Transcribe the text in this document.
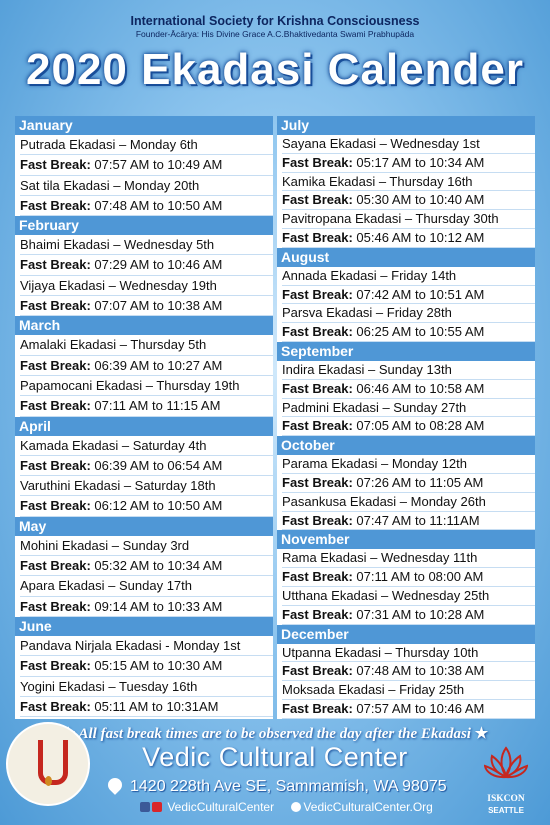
International Society for Krishna Consciousness
Founder-Ācārya: His Divine Grace A.C.Bhaktivedanta Swami Prabhupāda
2020 Ekadasi Calender
January
Putrada Ekadasi – Monday 6th
Fast Break: 07:57 AM to 10:49 AM
Sat tila Ekadasi – Monday 20th
Fast Break: 07:48 AM to 10:50 AM
February
Bhaimi Ekadasi – Wednesday 5th
Fast Break: 07:29 AM to 10:46 AM
Vijaya Ekadasi – Wednesday 19th
Fast Break: 07:07 AM to 10:38 AM
March
Amalaki Ekadasi – Thursday 5th
Fast Break: 06:39 AM to 10:27 AM
Papamocani Ekadasi – Thursday 19th
Fast Break: 07:11 AM to 11:15 AM
April
Kamada Ekadasi – Saturday 4th
Fast Break: 06:39 AM to 06:54 AM
Varuthini Ekadasi – Saturday 18th
Fast Break: 06:12 AM to 10:50 AM
May
Mohini Ekadasi – Sunday 3rd
Fast Break: 05:32 AM to 10:34 AM
Apara Ekadasi – Sunday 17th
Fast Break: 09:14 AM to 10:33 AM
June
Pandava Nirjala Ekadasi - Monday 1st
Fast Break: 05:15 AM to 10:30 AM
Yogini Ekadasi – Tuesday 16th
Fast Break: 05:11 AM to 10:31AM
July
Sayana Ekadasi – Wednesday 1st
Fast Break: 05:17 AM to 10:34 AM
Kamika Ekadasi – Thursday 16th
Fast Break: 05:30 AM to 10:40 AM
Pavitropana Ekadasi – Thursday 30th
Fast Break: 05:46 AM to 10:12 AM
August
Annada Ekadasi – Friday 14th
Fast Break: 07:42 AM to 10:51 AM
Parsva Ekadasi – Friday 28th
Fast Break: 06:25 AM to 10:55 AM
September
Indira Ekadasi – Sunday 13th
Fast Break: 06:46 AM to 10:58 AM
Padmini Ekadasi – Sunday 27th
Fast Break: 07:05 AM to 08:28 AM
October
Parama Ekadasi – Monday 12th
Fast Break: 07:26 AM to 11:05 AM
Pasankusa Ekadasi – Monday 26th
Fast Break: 07:47 AM to 11:11AM
November
Rama Ekadasi – Wednesday 11th
Fast Break: 07:11 AM to 08:00 AM
Utthana Ekadasi – Wednesday 25th
Fast Break: 07:31 AM to 10:28 AM
December
Utpanna Ekadasi – Thursday 10th
Fast Break: 07:48 AM to 10:38 AM
Moksada Ekadasi – Friday 25th
Fast Break: 07:57 AM to 10:46 AM
All fast break times are to be observed the day after the Ekadasi ★
Vedic Cultural Center
1420 228th Ave SE, Sammamish, WA 98075
VedicCulturalCenter VedicCulturalCenter.Org
ISKCON
SEATTLE
